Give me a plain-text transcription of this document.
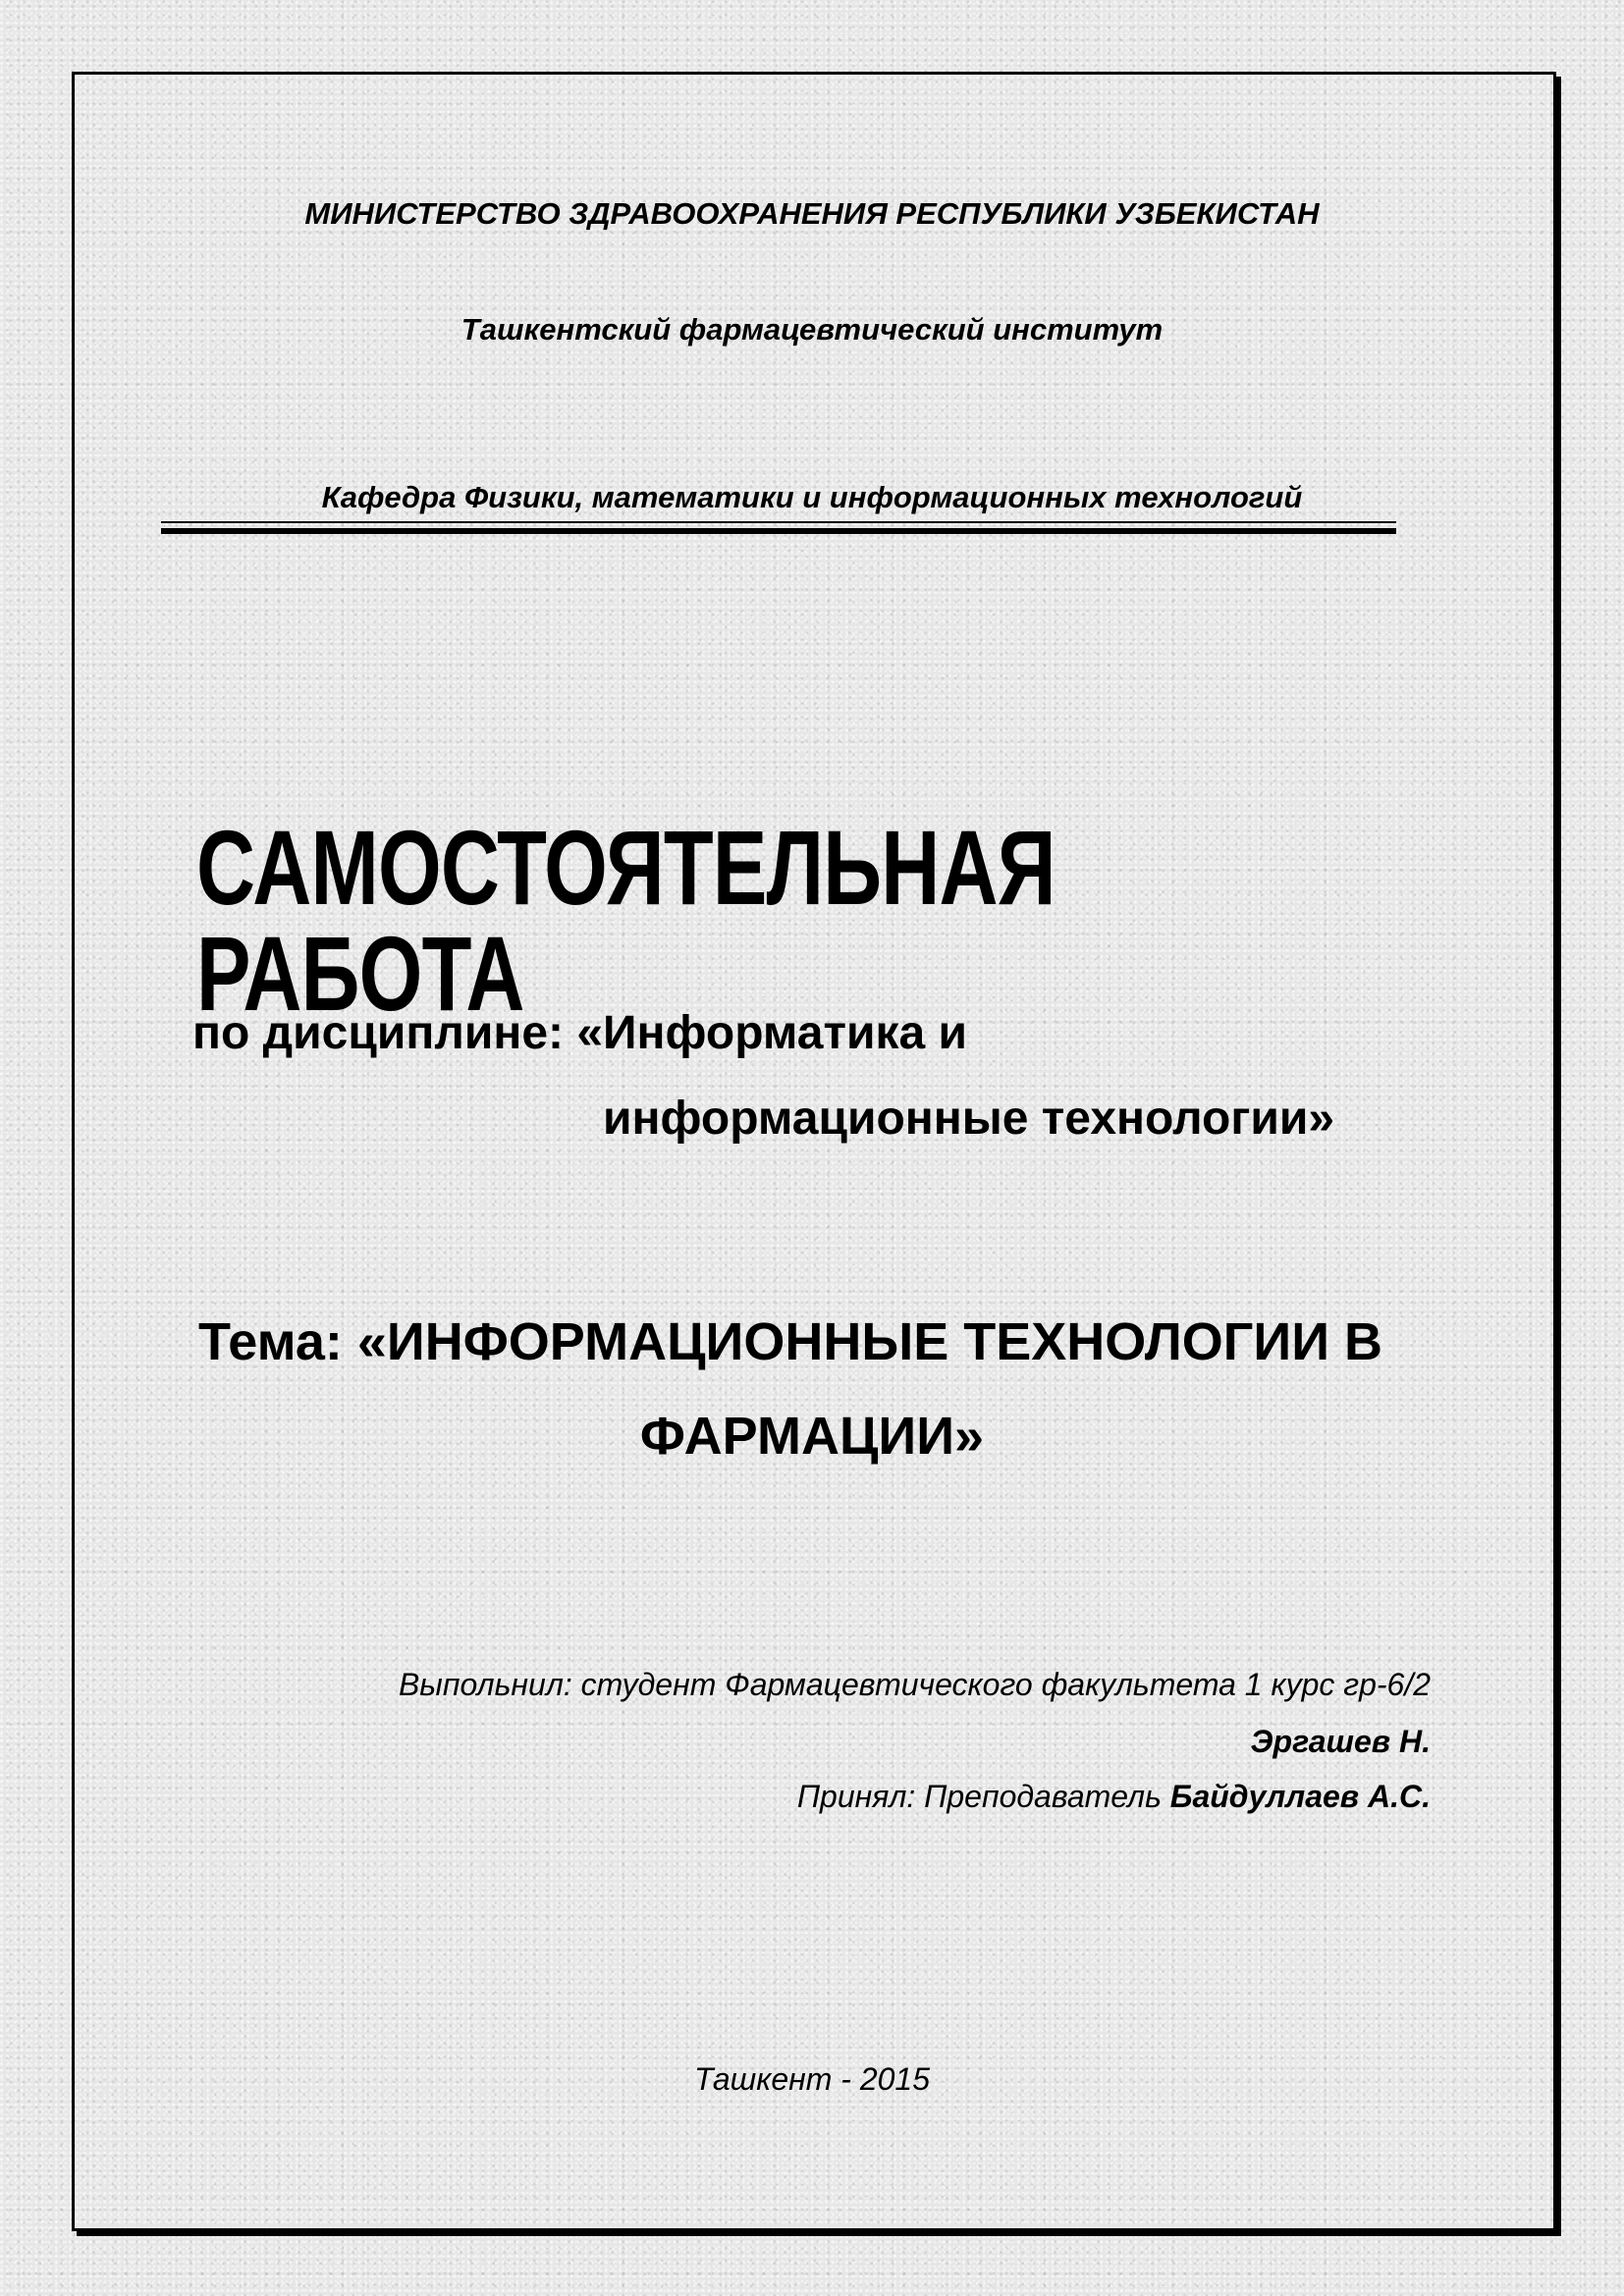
МИНИСТЕРСТВО ЗДРАВООХРАНЕНИЯ РЕСПУБЛИКИ УЗБЕКИСТАН
Ташкентский фармацевтический институт
Кафедра Физики, математики и информационных технологий
САМОСТОЯТЕЛЬНАЯ РАБОТА
по дисциплине: «Информатика и
информационные технологии»
Тема: «ИНФОРМАЦИОННЫЕ ТЕХНОЛОГИИ В
ФАРМАЦИИ»
Выпольнил: студент Фармацевтического факультета 1 курс гр-6/2
Эргашев Н.
Принял: Преподаватель Байдуллаев А.С.
Ташкент - 2015
